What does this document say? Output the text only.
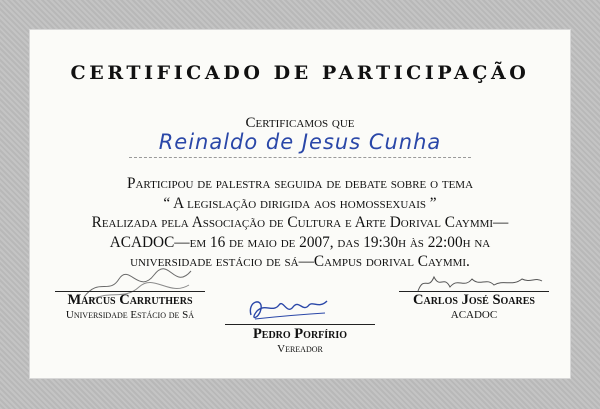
CERTIFICADO DE PARTICIPAÇÃO
Certificamos que
Reinaldo de Jesus Cunha
Participou de palestra seguida de debate sobre o tema
“ A legislação dirigida aos homossexuais ”
Realizada pela Associação de Cultura e Arte Dorival Caymmi—
ACADOC—em 16 de maio de 2007, das 19:30h às 22:00h na
universidade estácio de sá—Campus dorival Caymmi.
Marcus Carruthers
Universidade Estácio de Sá
Carlos José Soares
ACADOC
Pedro Porfírio
Vereador
